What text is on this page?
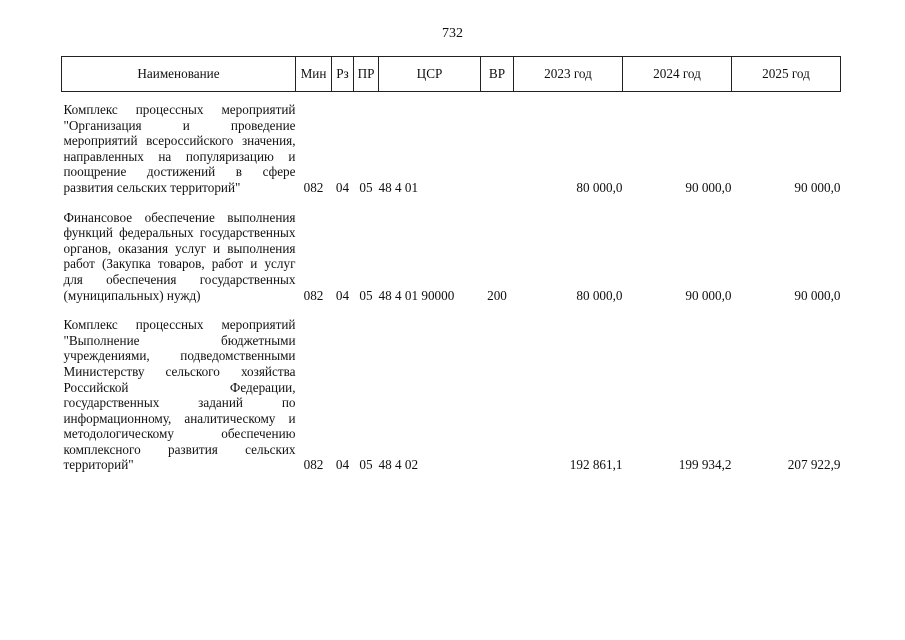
732
Наименование	Мин	Рз	ПР	ЦСР	ВР	2023 год	2024 год	2025 год

Комплекс процессных мероприятий "Организация и проведение мероприятий всероссийского значения, направленных на популяризацию и поощрение достижений в сфере развития сельских территорий"	082	04	05	48 4 01		80 000,0	90 000,0	90 000,0

Финансовое обеспечение выполнения функций федеральных государственных органов, оказания услуг и выполнения работ (Закупка товаров, работ и услуг для обеспечения государственных (муниципальных) нужд)	082	04	05	48 4 01 90000	200	80 000,0	90 000,0	90 000,0

Комплекс процессных мероприятий "Выполнение бюджетными учреждениями, подведомственными Министерству сельского хозяйства Российской Федерации, государственных заданий по информационному, аналитическому и методологическому обеспечению комплексного развития сельских территорий"	082	04	05	48 4 02		192 861,1	199 934,2	207 922,9
